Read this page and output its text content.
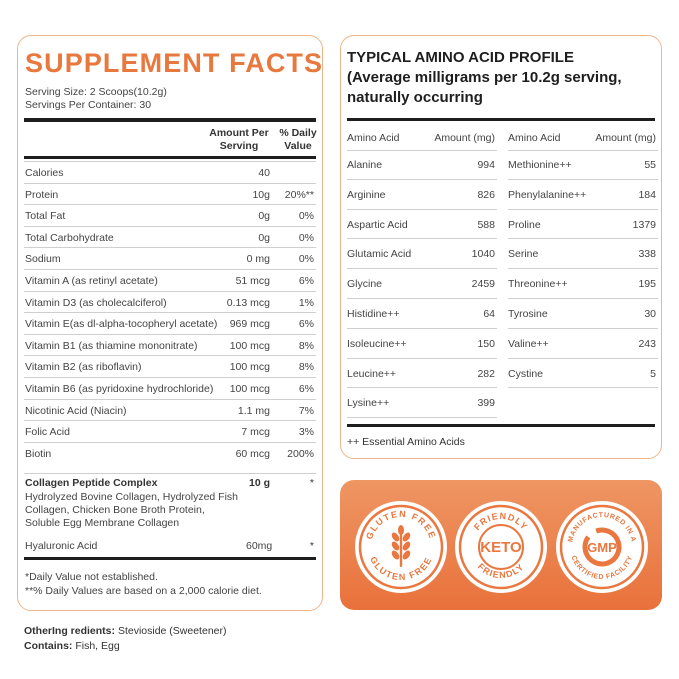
SUPPLEMENT FACTS
Serving Size: 2 Scoops(10.2g)
Servings Per Container: 30
Amount Per Serving
% Daily Value
Calories	40
Protein	10g 20%**
Total Fat	0g	0%
Total Carbohydrate	0g	0%
Sodium	0 mg	0%
Vitamin A (as retinyl acetate)	51 mcg	6%
Vitamin D3 (as cholecalciferol)	0.13 mcg	1%
Vitamin E(as dl-alpha-tocopheryl acetate) 969 mcg	6%
Vitamin B1 (as thiamine mononitrate)	100 mcg	8%
Vitamin B2 (as riboflavin)	100 mcg	8%
Vitamin B6 (as pyridoxine hydrochloride) 100 mcg	6%
Nicotinic Acid (Niacin)	1.1 mg	7%
Folic Acid	7 mcg	3%
Biotin	60 mcg 200%
Collagen Peptide Complex	10 g	*
Hydrolyzed Bovine Collagen, Hydrolyzed Fish Collagen, Chicken Bone Broth Protein, Soluble Egg Membrane Collagen
Hyaluronic Acid	60mg	*
*Daily Value not established.
**% Daily Values are based on a 2,000 calorie diet.
TYPICAL AMINO ACID PROFILE
(Average milligrams per 10.2g serving,
naturally occurring
Amino Acid	Amount (mg)
Alanine	994
Arginine	826
Aspartic Acid	588
Glutamic Acid	1040
Glycine	2459
Histidine++	64
Isoleucine++	150
Leucine++	282
Lysine++	399
Amino Acid	Amount (mg)
Methionine++	55
Phenylalanine++	184
Proline	1379
Serine	338
Threonine++	195
Tyrosine	30
Valine++	243
Cystine	5
++ Essential Amino Acids
GLUTEN FREE
GLUTEN FREE
FRIENDLY
FRIENDLY
KETO
MANUFACTURED IN A
CERTIFIED FACILITY
GMP
OtherIng redients: Stevioside (Sweetener)
Contains: Fish, Egg
